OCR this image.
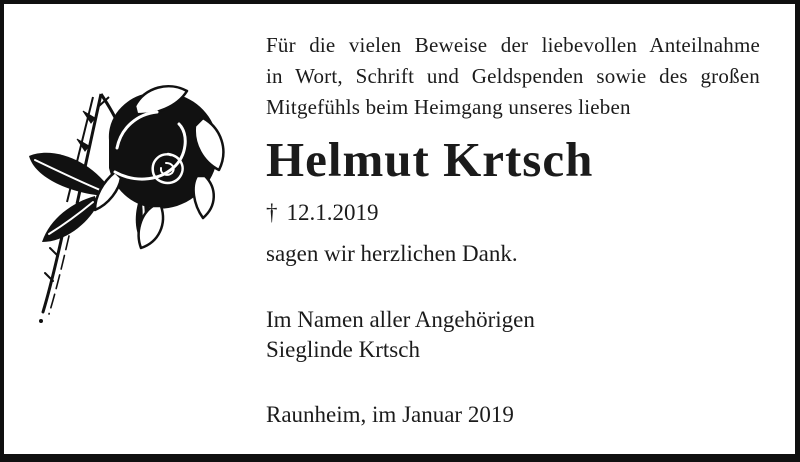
Für die vielen Beweise der liebevollen Anteilnahme
in Wort, Schrift und Geldspenden sowie des großen
Mitgefühls beim Heimgang unseres lieben
Helmut Krtsch
† 12.1.2019
sagen wir herzlichen Dank.
Im Namen aller Angehörigen
Sieglinde Krtsch
Raunheim, im Januar 2019
